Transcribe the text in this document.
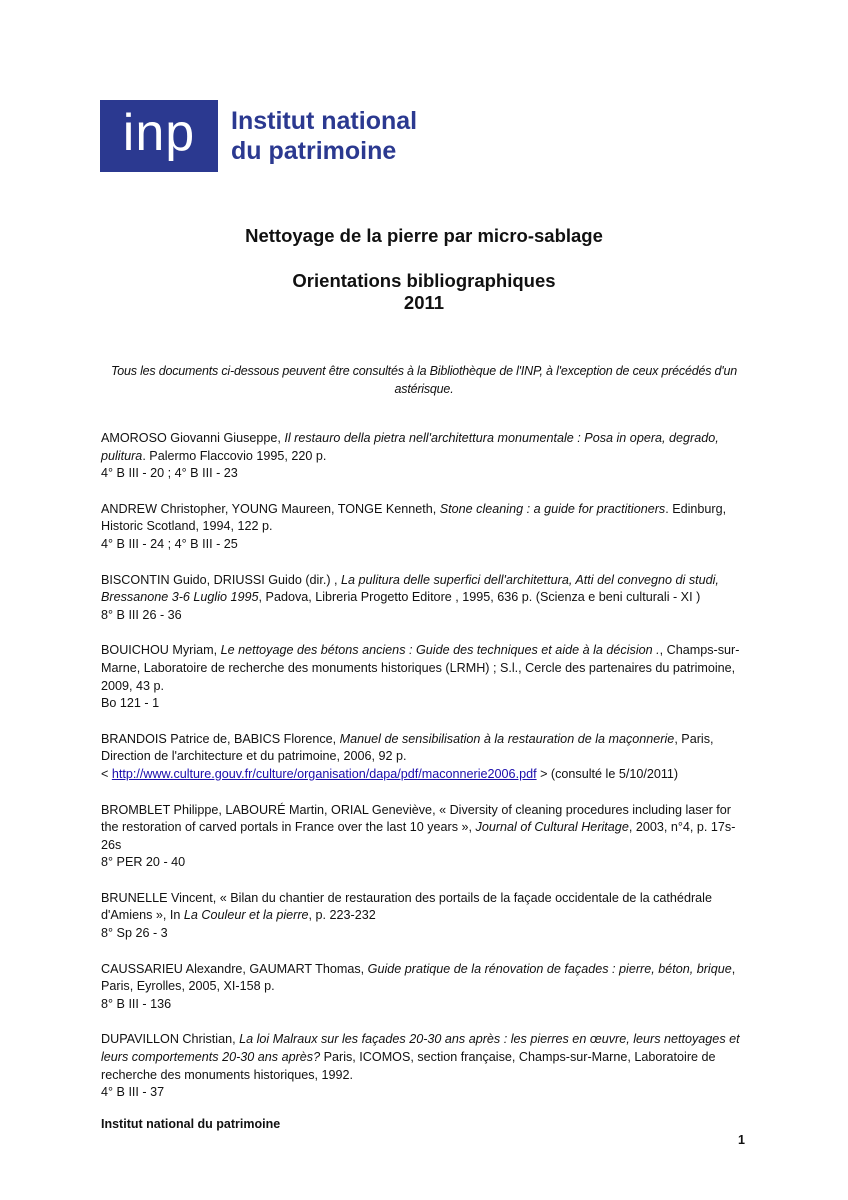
inp	Institut national
du patrimoine
Nettoyage de la pierre par micro-sablage
Orientations bibliographiques
2011
Tous les documents ci-dessous peuvent être consultés à la Bibliothèque de l'INP, à l'exception de ceux précédés d'un astérisque.

AMOROSO Giovanni Giuseppe, Il restauro della pietra nell'architettura monumentale : Posa in opera, degrado, pulitura. Palermo Flaccovio 1995, 220 p.

4° B III - 20 ; 4° B III - 23

ANDREW Christopher, YOUNG Maureen, TONGE Kenneth, Stone cleaning : a guide for practitioners. Edinburg, Historic Scotland, 1994, 122 p.

4° B III - 24 ; 4° B III - 25

BISCONTIN Guido, DRIUSSI Guido (dir.) , La pulitura delle superfici dell'architettura, Atti del convegno di studi, Bressanone 3-6 Luglio 1995, Padova, Libreria Progetto Editore , 1995, 636 p. (Scienza e beni culturali - XI )

8° B III 26 - 36

BOUICHOU Myriam, Le nettoyage des bétons anciens : Guide des techniques et aide à la décision ., Champs-sur-Marne, Laboratoire de recherche des monuments historiques (LRMH) ; S.l., Cercle des partenaires du patrimoine, 2009, 43 p.

Bo 121 - 1

BRANDOIS Patrice de, BABICS Florence, Manuel de sensibilisation à la restauration de la maçonnerie, Paris, Direction de l'architecture et du patrimoine, 2006, 92 p.

< http://www.culture.gouv.fr/culture/organisation/dapa/pdf/maconnerie2006.pdf > (consulté le 5/10/2011)

BROMBLET Philippe, LABOURÉ Martin, ORIAL Geneviève, « Diversity of cleaning procedures including laser for the restoration of carved portals in France over the last 10 years », Journal of Cultural Heritage, 2003, n°4, p. 17s-26s

8° PER 20 - 40

BRUNELLE Vincent, « Bilan du chantier de restauration des portails de la façade occidentale de la cathédrale d'Amiens », In La Couleur et la pierre, p. 223-232

8° Sp 26 - 3

CAUSSARIEU Alexandre, GAUMART Thomas, Guide pratique de la rénovation de façades : pierre, béton, brique, Paris, Eyrolles, 2005, XI-158 p.

8° B III - 136

DUPAVILLON Christian, La loi Malraux sur les façades 20-30 ans après : les pierres en œuvre, leurs nettoyages et leurs comportements 20-30 ans après? Paris, ICOMOS, section française, Champs-sur-Marne, Laboratoire de recherche des monuments historiques, 1992.

4° B III - 37
Institut national du patrimoine
1
